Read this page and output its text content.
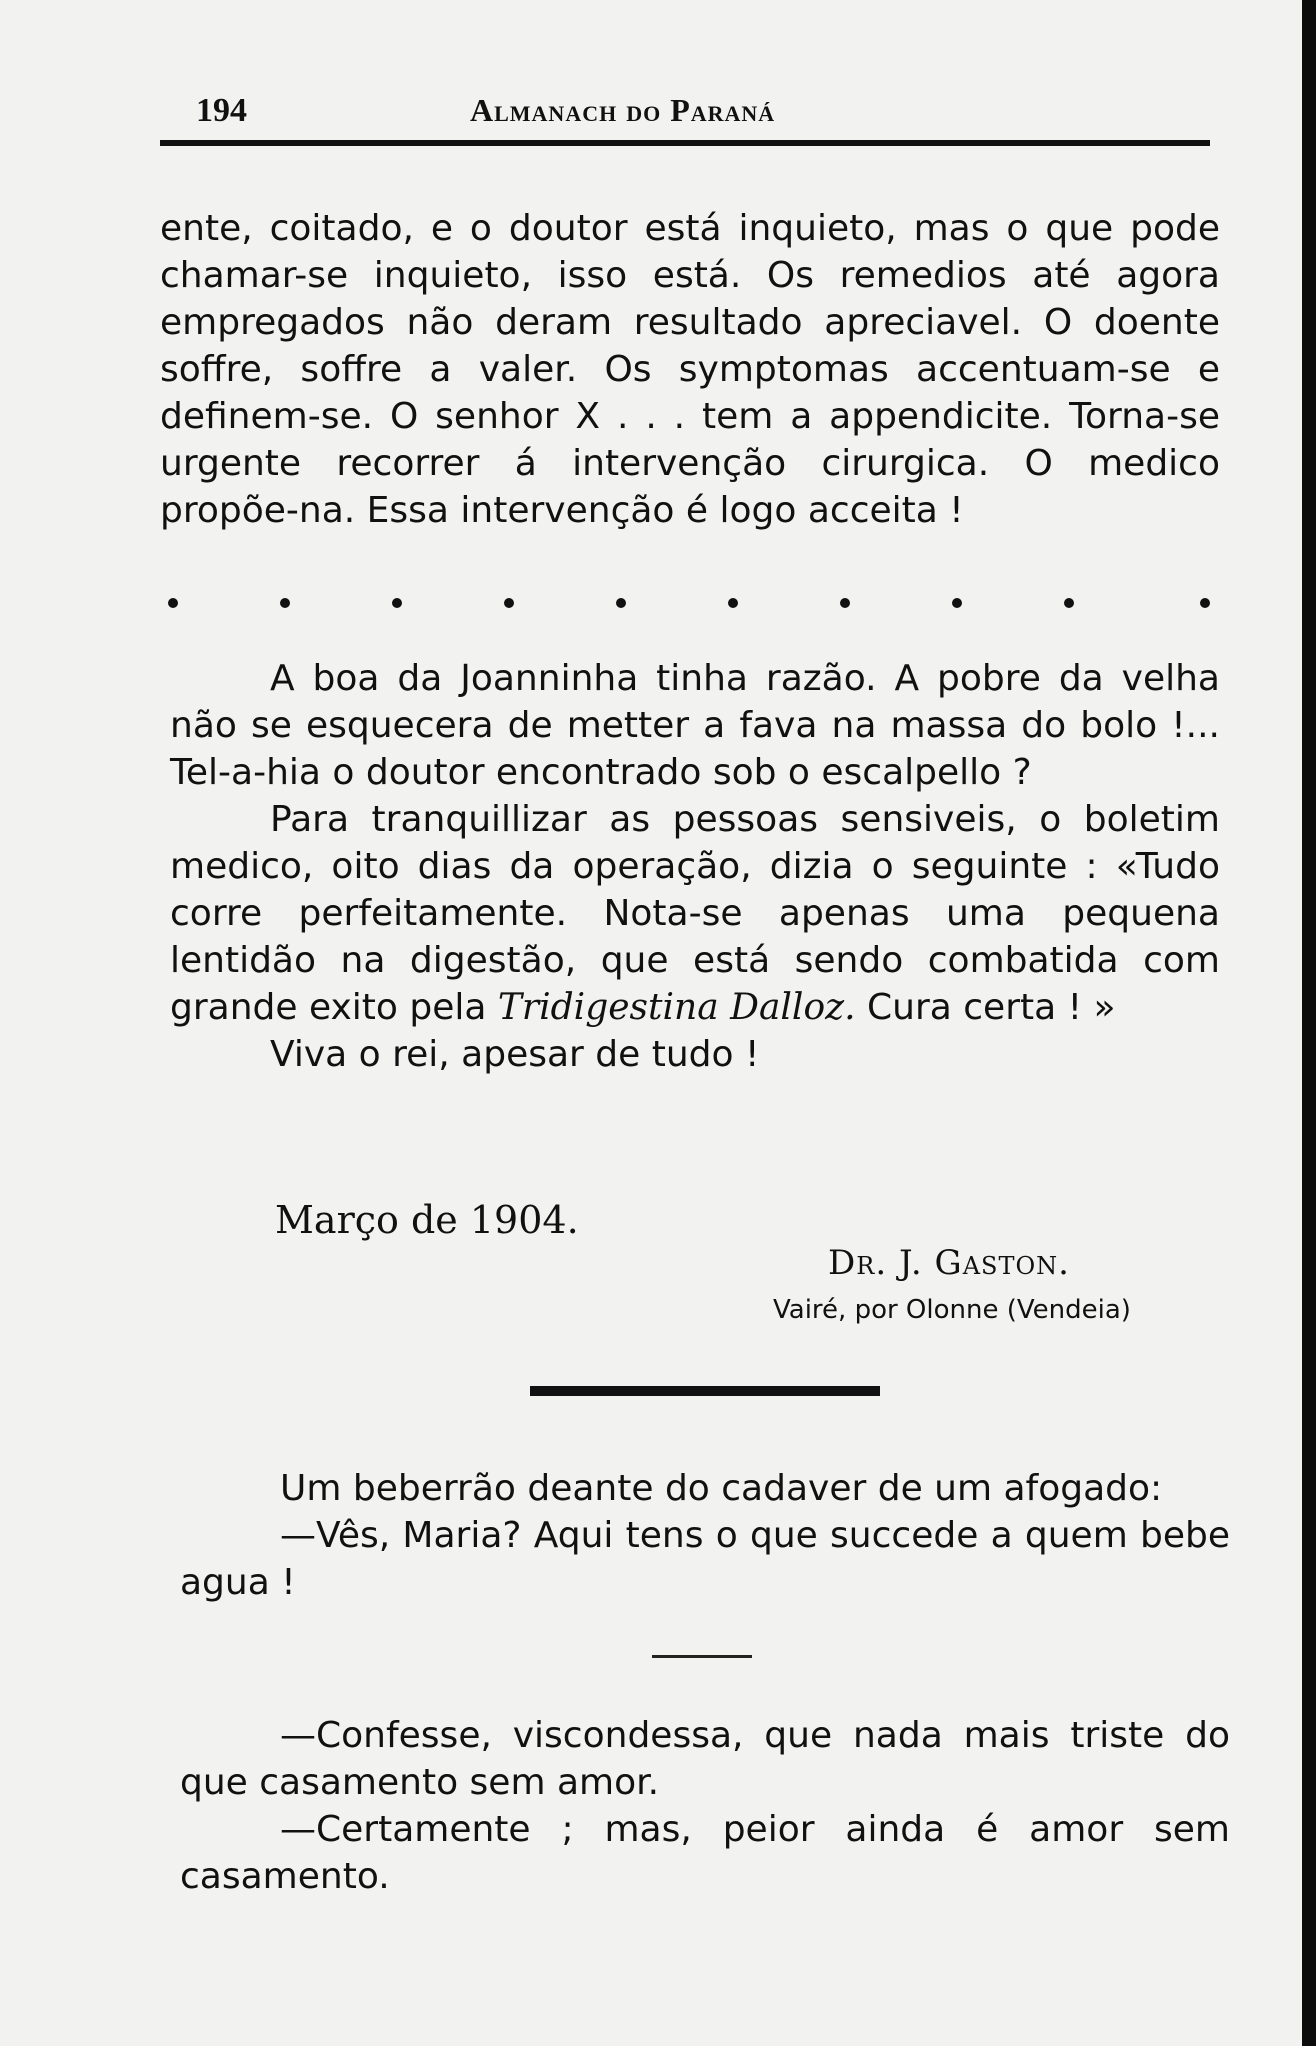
194	Almanach do Paraná

ente, coitado, e o doutor está inquieto, mas o que pode chamar-se inquieto, isso está. Os remedios até agora empregados não deram resultado apreciavel. O doente soffre, soffre a valer. Os symptomas accentuam-se e definem-se. O senhor X . . . tem a appendicite. Torna-se urgente recorrer á intervenção cirurgica. O medico propõe-na. Essa intervenção é logo acceita !

A boa da Joanninha tinha razão. A pobre da velha não se esquecera de metter a fava na massa do bolo !... Tel-a-hia o doutor encontrado sob o escalpello ?

Para tranquillizar as pessoas sensiveis, o boletim medico, oito dias da operação, dizia o seguinte : «Tudo corre perfeitamente. Nota-se apenas uma pequena lentidão na digestão, que está sendo combatida com grande exito pela Tridigestina Dalloz. Cura certa ! »

Viva o rei, apesar de tudo !

Março de 1904.
Dr. J. Gaston.
Vairé, por Olonne (Vendeia)

Um beberrão deante do cadaver de um afogado:

—Vês, Maria? Aqui tens o que succede a quem bebe agua !

—Confesse, viscondessa, que nada mais triste do que casamento sem amor.

—Certamente ; mas, peior ainda é amor sem casamento.
